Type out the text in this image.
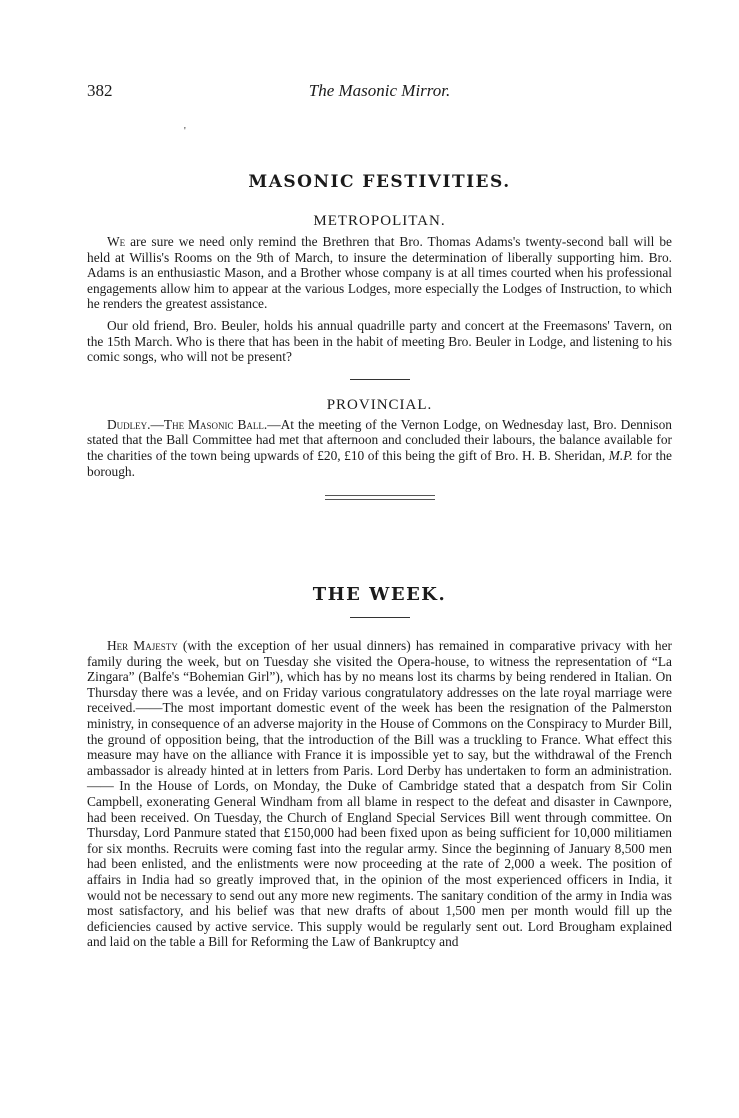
382	The Masonic Mirror.
'
MASONIC FESTIVITIES.
METROPOLITAN.

We are sure we need only remind the Brethren that Bro. Thomas Adams's twenty-second ball will be held at Willis's Rooms on the 9th of March, to insure the determination of liberally supporting him. Bro. Adams is an enthusiastic Mason, and a Brother whose company is at all times courted when his professional engagements allow him to appear at the various Lodges, more especially the Lodges of Instruction, to which he renders the greatest assistance.

Our old friend, Bro. Beuler, holds his annual quadrille party and concert at the Freemasons' Tavern, on the 15th March. Who is there that has been in the habit of meeting Bro. Beuler in Lodge, and listening to his comic songs, who will not be present?

PROVINCIAL.

Dudley.—The Masonic Ball.—At the meeting of the Vernon Lodge, on Wednesday last, Bro. Dennison stated that the Ball Committee had met that afternoon and concluded their labours, the balance available for the charities of the town being upwards of £20, £10 of this being the gift of Bro. H. B. Sheridan, M.P. for the borough.

THE WEEK.

Her Majesty (with the exception of her usual dinners) has remained in comparative privacy with her family during the week, but on Tuesday she visited the Opera-house, to witness the representation of “La Zingara” (Balfe's “Bohemian Girl”), which has by no means lost its charms by being rendered in Italian. On Thursday there was a levée, and on Friday various congratulatory addresses on the late royal marriage were received.——The most important domestic event of the week has been the resignation of the Palmerston ministry, in consequence of an adverse majority in the House of Commons on the Conspiracy to Murder Bill, the ground of opposition being, that the introduction of the Bill was a truckling to France. What effect this measure may have on the alliance with France it is impossible yet to say, but the withdrawal of the French ambassador is already hinted at in letters from Paris. Lord Derby has undertaken to form an administration.—— In the House of Lords, on Monday, the Duke of Cambridge stated that a despatch from Sir Colin Campbell, exonerating General Windham from all blame in respect to the defeat and disaster in Cawnpore, had been received. On Tuesday, the Church of England Special Services Bill went through committee. On Thursday, Lord Panmure stated that £150,000 had been fixed upon as being sufficient for 10,000 militiamen for six months. Recruits were coming fast into the regular army. Since the beginning of January 8,500 men had been enlisted, and the enlistments were now proceeding at the rate of 2,000 a week. The position of affairs in India had so greatly improved that, in the opinion of the most experienced officers in India, it would not be necessary to send out any more new regiments. The sanitary condition of the army in India was most satisfactory, and his belief was that new drafts of about 1,500 men per month would fill up the deficiencies caused by active service. This supply would be regularly sent out. Lord Brougham explained and laid on the table a Bill for Reforming the Law of Bankruptcy and
